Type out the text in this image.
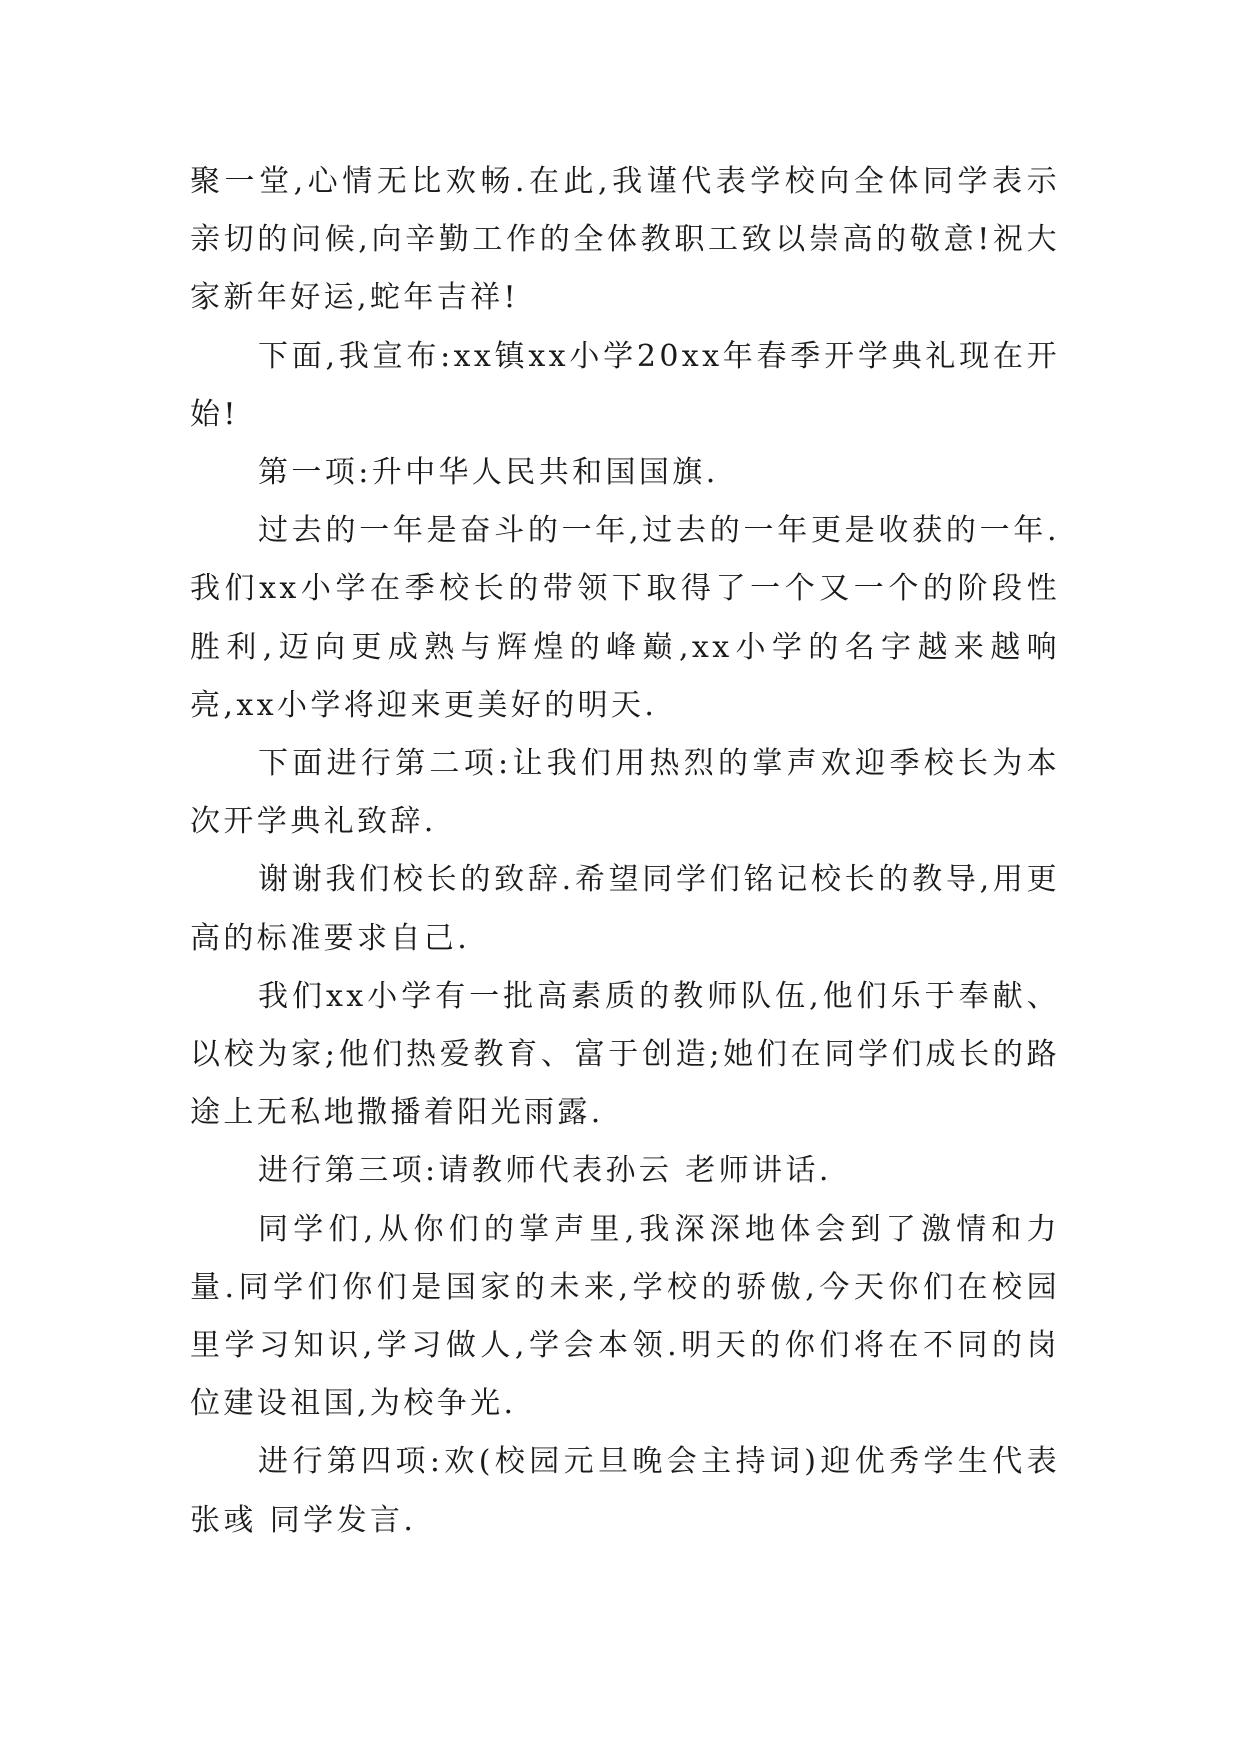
聚一堂,心情无比欢畅.在此,我谨代表学校向全体同学表示亲切的问候,向辛勤工作的全体教职工致以崇高的敬意!祝大家新年好运,蛇年吉祥!

下面,我宣布:xx镇xx小学20xx年春季开学典礼现在开始!

第一项:升中华人民共和国国旗.

过去的一年是奋斗的一年,过去的一年更是收获的一年.我们xx小学在季校长的带领下取得了一个又一个的阶段性胜利,迈向更成熟与辉煌的峰巅,xx小学的名字越来越响亮,xx小学将迎来更美好的明天.

下面进行第二项:让我们用热烈的掌声欢迎季校长为本次开学典礼致辞.

谢谢我们校长的致辞.希望同学们铭记校长的教导,用更高的标准要求自己.

我们xx小学有一批高素质的教师队伍,他们乐于奉献、以校为家;他们热爱教育、富于创造;她们在同学们成长的路途上无私地撒播着阳光雨露.

进行第三项:请教师代表孙云 老师讲话.

同学们,从你们的掌声里,我深深地体会到了激情和力量.同学们你们是国家的未来,学校的骄傲,今天你们在校园里学习知识,学习做人,学会本领.明天的你们将在不同的岗位建设祖国,为校争光.

进行第四项:欢(校园元旦晚会主持词)迎优秀学生代表 张彧 同学发言.
